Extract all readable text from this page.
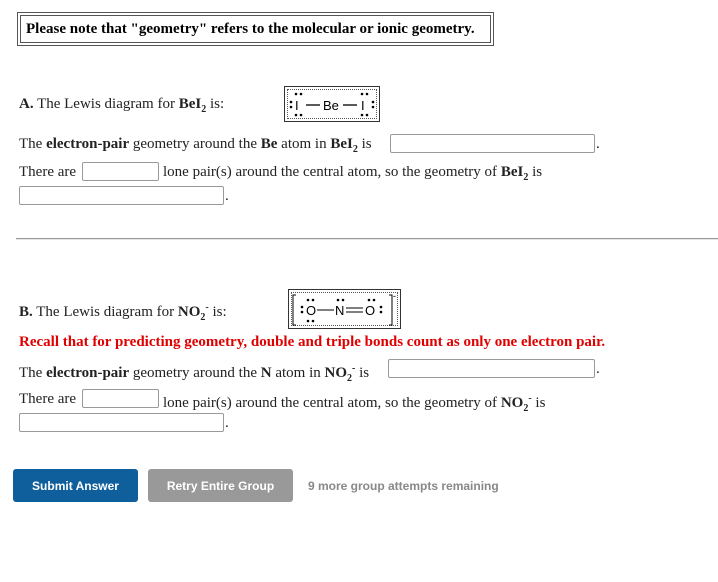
Please note that "geometry" refers to the molecular or ionic geometry.
A. The Lewis diagram for BeI$_2$ is:	I Be I
The electron-pair geometry around the Be atom in BeI$_2$ is	.
There are	lone pair(s) around the central atom, so the geometry of BeI$_2$ is
.
B. The Lewis diagram for $NO_2^-$ is:
-
O N O
Recall that for predicting geometry, double and triple bonds count as only one electron pair.
The electron-pair geometry around the N atom in $NO_2^-$ is	.
There are	lone pair(s) around the central atom, so the geometry of $NO_2^-$ is
.
Submit Answer	Retry Entire Group	9 more group attempts remaining
